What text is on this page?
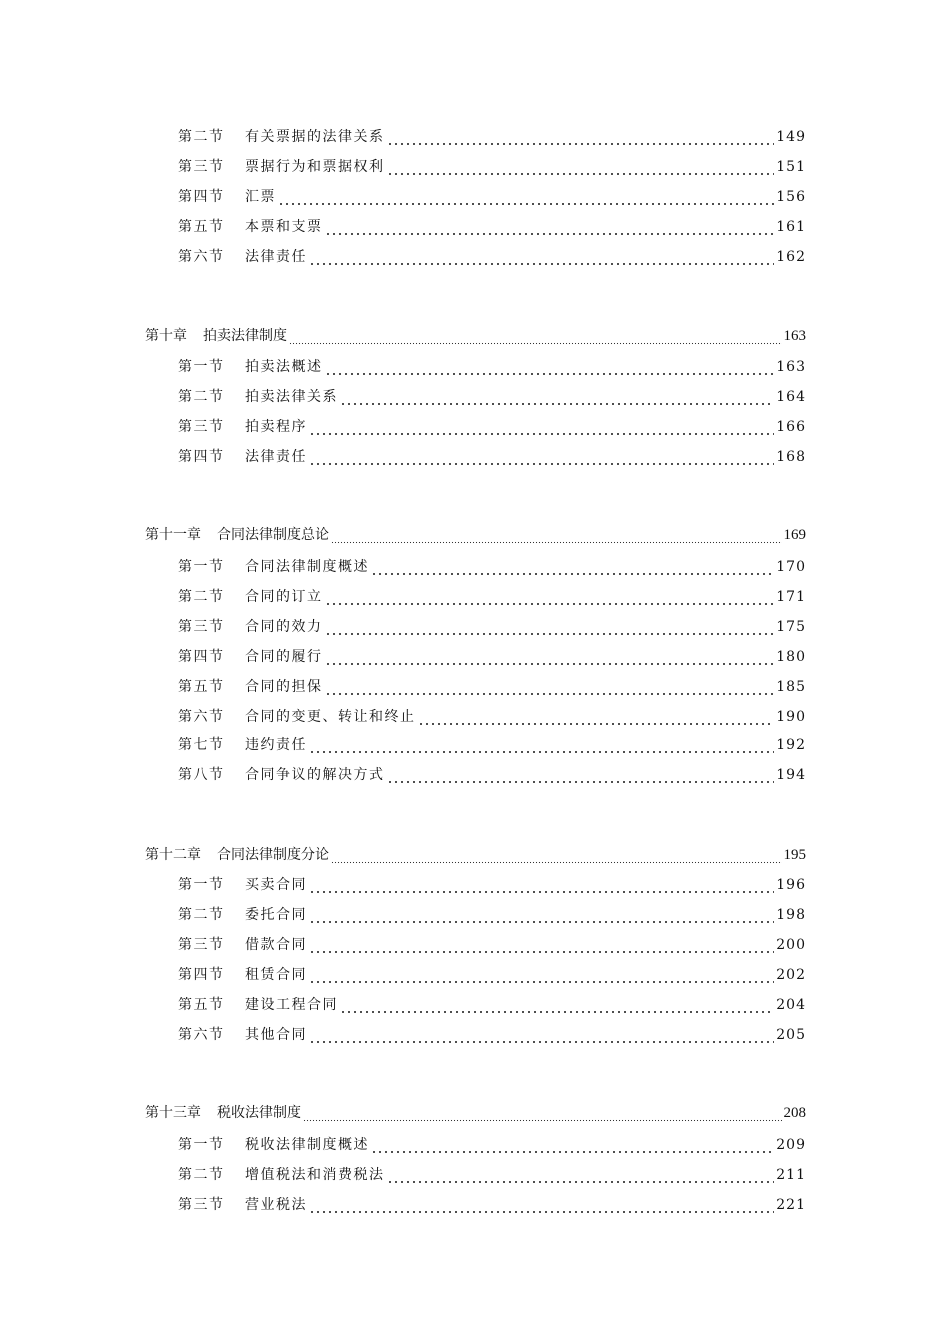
第二节	有关票据的法律关系	149
第三节	票据行为和票据权利	151
第四节	汇票	156
第五节	本票和支票	161
第六节	法律责任	162
第十章 拍卖法律制度	163
第一节	拍卖法概述	163
第二节	拍卖法律关系	164
第三节	拍卖程序	166
第四节	法律责任	168
第十一章 合同法律制度总论	169
第一节	合同法律制度概述	170
第二节	合同的订立	171
第三节	合同的效力	175
第四节	合同的履行	180
第五节	合同的担保	185
第六节	合同的变更、转让和终止	190
第七节	违约责任	192
第八节	合同争议的解决方式	194
第十二章 合同法律制度分论	195
第一节	买卖合同	196
第二节	委托合同	198
第三节	借款合同	200
第四节	租赁合同	202
第五节	建设工程合同	204
第六节	其他合同	205
第十三章 税收法律制度	208
第一节	税收法律制度概述	209
第二节	增值税法和消费税法	211
第三节	营业税法	221
